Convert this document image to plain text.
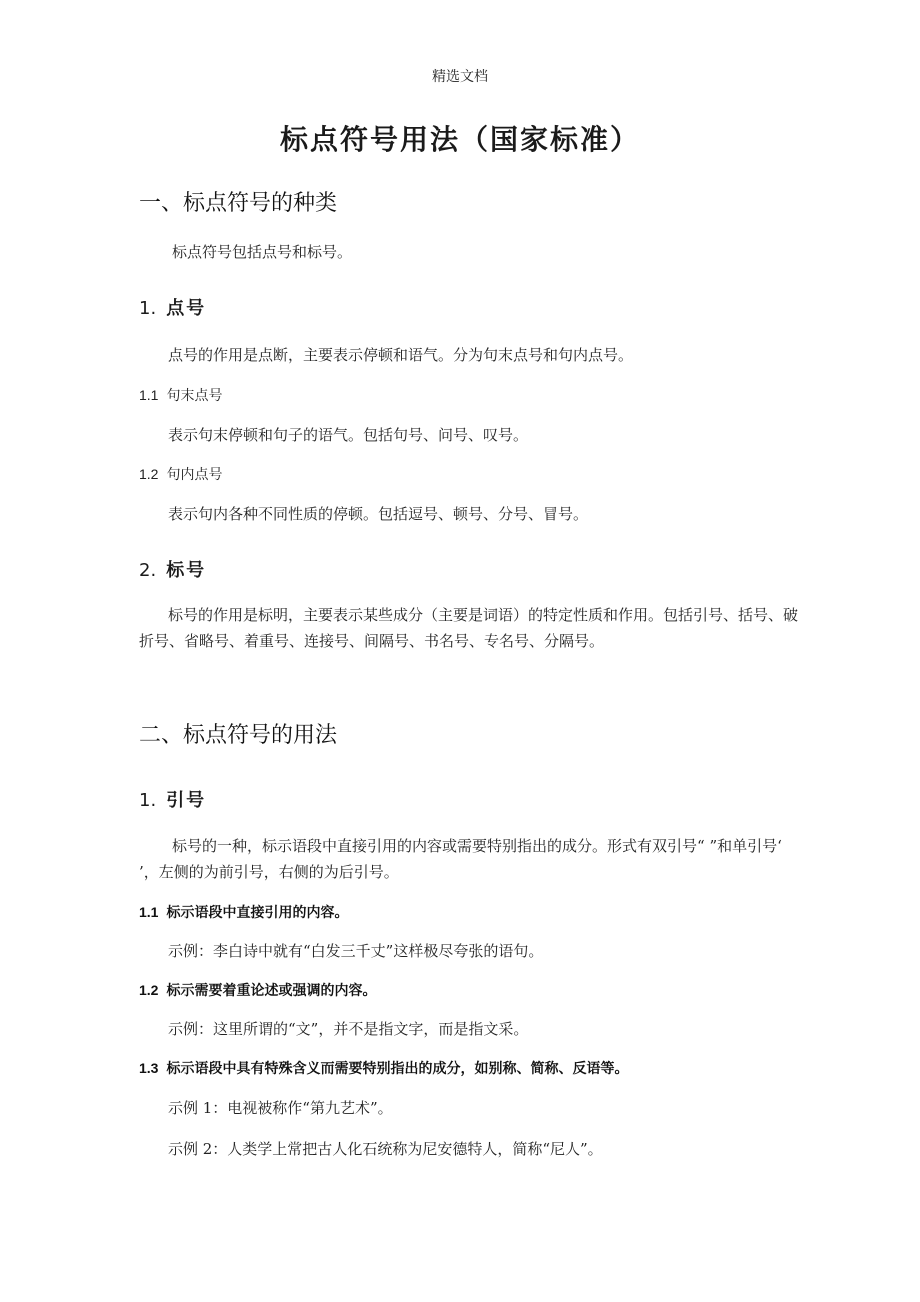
精选文档
标点符号用法（国家标准）
一、标点符号的种类
标点符号包括点号和标号。
1. 点号
点号的作用是点断，主要表示停顿和语气。分为句末点号和句内点号。
1.1 句末点号
表示句末停顿和句子的语气。包括句号、问号、叹号。
1.2 句内点号
表示句内各种不同性质的停顿。包括逗号、顿号、分号、冒号。
2. 标号
标号的作用是标明，主要表示某些成分（主要是词语）的特定性质和作用。包括引号、括号、破折号、省略号、着重号、连接号、间隔号、书名号、专名号、分隔号。
二、标点符号的用法
1. 引号
标号的一种，标示语段中直接引用的内容或需要特别指出的成分。形式有双引号“ ”和单引号‘ ’，左侧的为前引号，右侧的为后引号。
1.1 标示语段中直接引用的内容。
示例：李白诗中就有“白发三千丈”这样极尽夸张的语句。
1.2 标示需要着重论述或强调的内容。
示例：这里所谓的“文”，并不是指文字，而是指文采。
1.3 标示语段中具有特殊含义而需要特别指出的成分，如别称、简称、反语等。
示例 1：电视被称作“第九艺术”。
示例 2：人类学上常把古人化石统称为尼安德特人，简称“尼人”。
